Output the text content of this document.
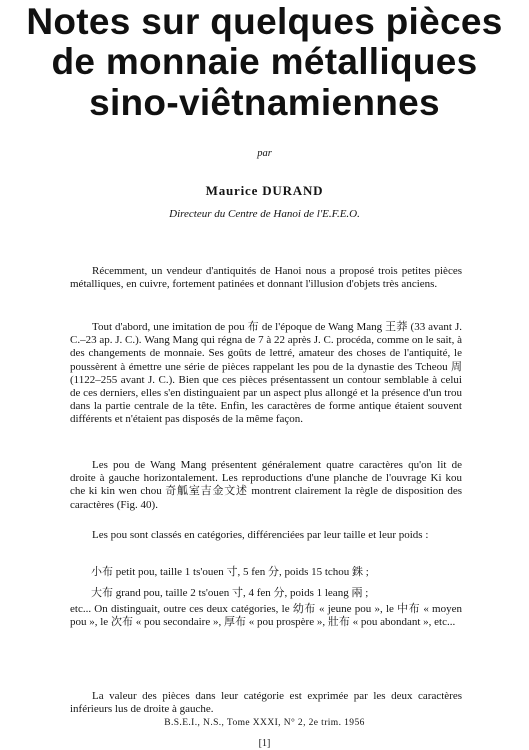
Notes sur quelques pièces
de monnaie métalliques
sino-viêtnamiennes
par
Maurice DURAND
Directeur du Centre de Hanoi de l'E.F.E.O.

Récemment, un vendeur d'antiquités de Hanoi nous a proposé trois petites pièces métalliques, en cuivre, fortement patinées et donnant l'illusion d'objets très anciens.

Tout d'abord, une imitation de pou 布 de l'époque de Wang Mang 王莽 (33 avant J. C.–23 ap. J. C.). Wang Mang qui régna de 7 à 22 après J. C. procéda, comme on le sait, à des changements de monnaie. Ses goûts de lettré, amateur des choses de l'antiquité, le poussèrent à émettre une série de pièces rappelant les pou de la dynastie des Tcheou 周 (1122–255 avant J. C.). Bien que ces pièces présentassent un contour semblable à celui de ces derniers, elles s'en distinguaient par un aspect plus allongé et la présence d'un trou dans la partie centrale de la tête. Enfin, les caractères de forme antique étaient souvent différents et n'étaient pas disposés de la même façon.

Les pou de Wang Mang présentent généralement quatre caractères qu'on lit de droite à gauche horizontalement. Les reproductions d'une planche de l'ouvrage Ki kou che ki kin wen chou 奇觚室吉金文述 montrent clairement la règle de disposition des caractères (Fig. 40).

Les pou sont classés en catégories, différenciées par leur taille et leur poids :

小布 petit pou, taille 1 ts'ouen 寸, 5 fen 分, poids 15 tchou 銖 ;
大布 grand pou, taille 2 ts'ouen 寸, 4 fen 分, poids 1 leang 兩 ;

etc... On distinguait, outre ces deux catégories, le 幼布 « jeune pou », le 中布 « moyen pou », le 次布 « pou secondaire », 厚布 « pou prospère », 壯布 « pou abondant », etc...

La valeur des pièces dans leur catégorie est exprimée par les deux caractères inférieurs lus de droite à gauche.

B.S.E.I., N.S., Tome XXXI, N° 2, 2e trim. 1956
[1]
